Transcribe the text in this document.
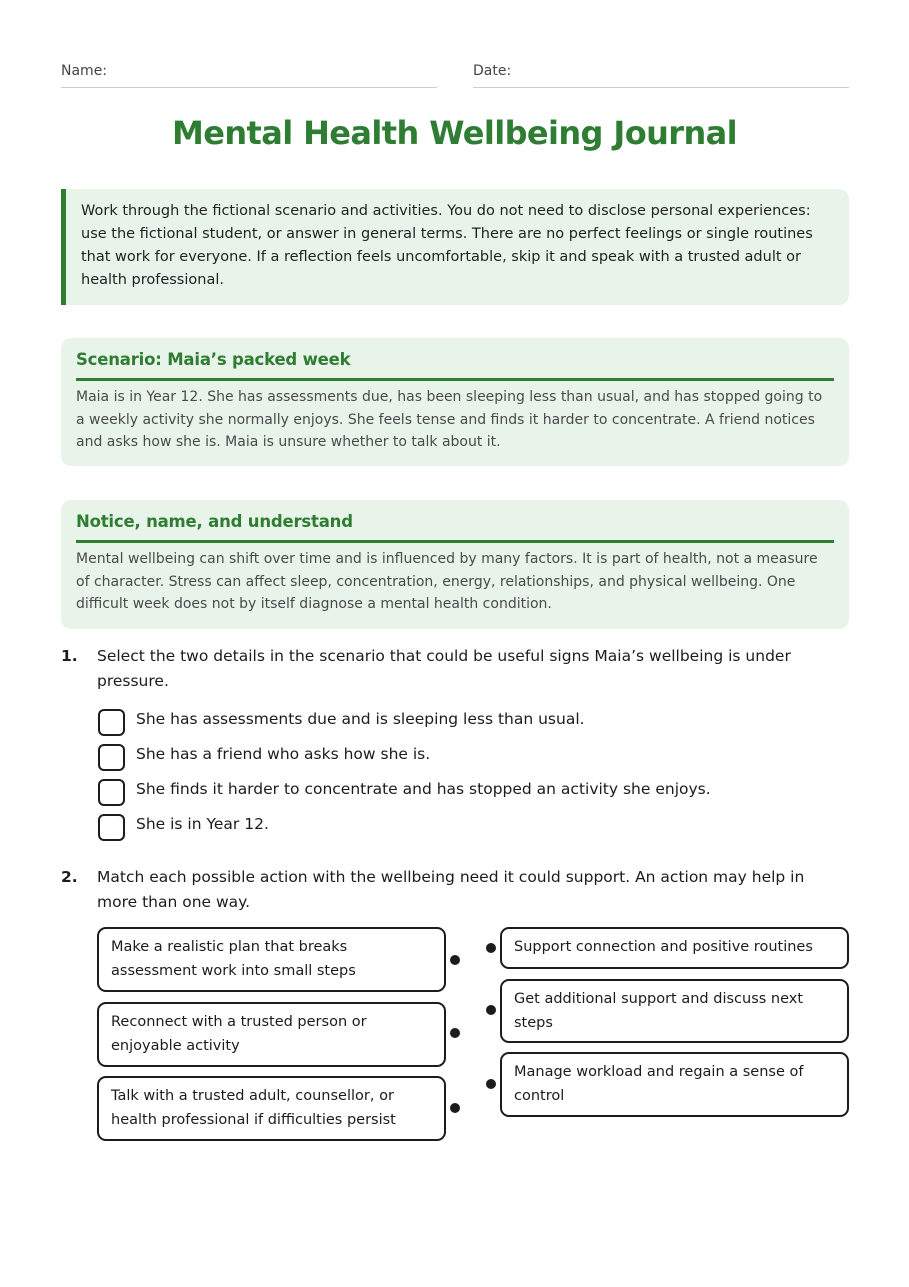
Name:	Date:
Mental Health Wellbeing Journal
Work through the fictional scenario and activities. You do not need to disclose personal experiences: use the fictional student, or answer in general terms. There are no perfect feelings or single routines that work for everyone. If a reflection feels uncomfortable, skip it and speak with a trusted adult or health professional.
Scenario: Maia’s packed week

Maia is in Year 12. She has assessments due, has been sleeping less than usual, and has stopped going to a weekly activity she normally enjoys. She feels tense and finds it harder to concentrate. A friend notices and asks how she is. Maia is unsure whether to talk about it.

Notice, name, and understand

Mental wellbeing can shift over time and is influenced by many factors. It is part of health, not a measure of character. Stress can affect sleep, concentration, energy, relationships, and physical wellbeing. One difficult week does not by itself diagnose a mental health condition.

1. Select the two details in the scenario that could be useful signs Maia’s wellbeing is under pressure.
She has assessments due and is sleeping less than usual.
She has a friend who asks how she is.
She finds it harder to concentrate and has stopped an activity she enjoys.
She is in Year 12.
2. Match each possible action with the wellbeing need it could support. An action may help in more than one way.
Make a realistic plan that breaks assessment work into small steps
Reconnect with a trusted person or enjoyable activity
Talk with a trusted adult, counsellor, or health professional if difficulties persist
Support connection and positive routines
Get additional support and discuss next steps
Manage workload and regain a sense of control
